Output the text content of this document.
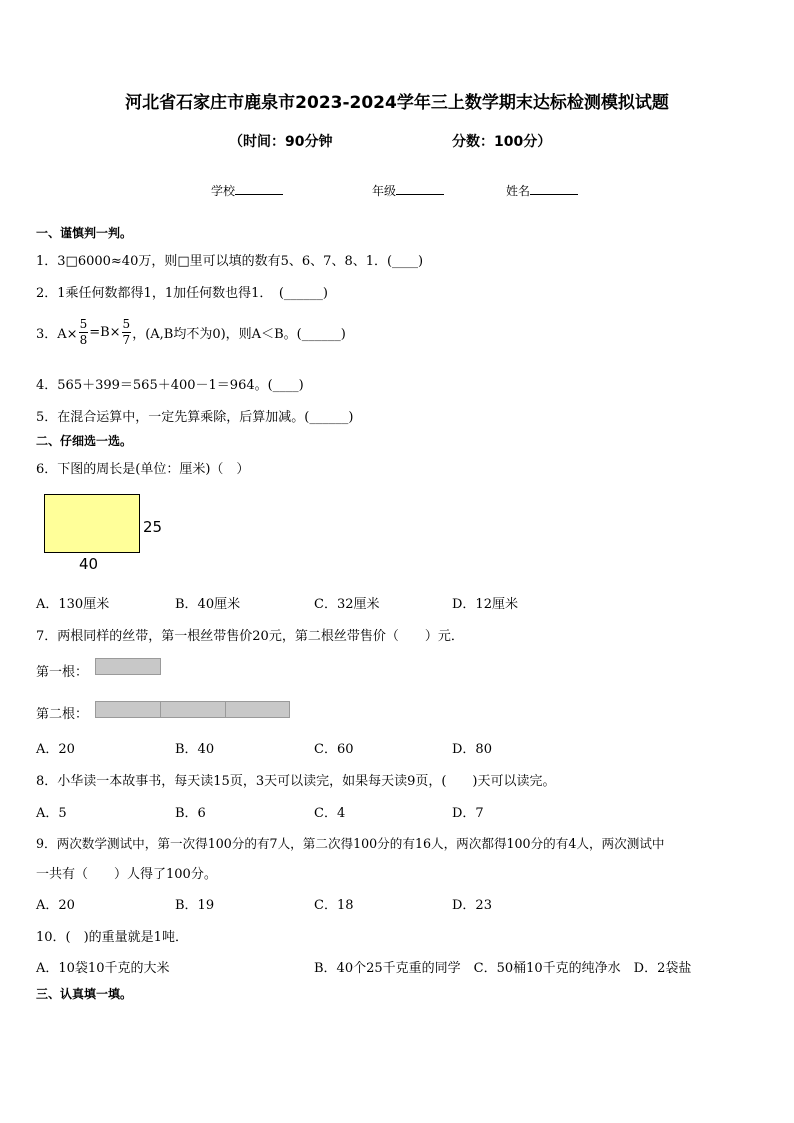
河北省石家庄市鹿泉市2023-2024学年三上数学期末达标检测模拟试题
（时间：90分钟	分数：100分）
学校	年级	姓名
一、谨慎判一判。
1．3□6000≈40万，则□里可以填的数有5、6、7、8、1．(____)
2．1乘任何数都得1，1加任何数也得1．　(______)
3．$A\times \frac{5}{8} =B\times \frac{5}{7}$ ，(A,B均不为0)，则A＜B。(______)
4．565＋399＝565＋400－1＝964。(____)
5．在混合运算中，一定先算乘除，后算加减。(______)
二、仔细选一选。
6．下图的周长是(单位：厘米)（　）
25
40
A．130厘米	B．40厘米	C．32厘米	D．12厘米
7．两根同样的丝带，第一根丝带售价20元，第二根丝带售价（　　）元．
第一根：
第二根：
A．20	B．40	C．60	D．80
8．小华读一本故事书，每天读15页，3天可以读完，如果每天读9页，(　　)天可以读完。
A．5	B．6	C．4	D．7
9．两次数学测试中，第一次得100分的有7人，第二次得100分的有16人，两次都得100分的有4人，两次测试中
一共有（　　）人得了100分。
A．20	B．19	C．18	D．23
10．(　)的重量就是1吨．
A．10袋10千克的大米	B．40个25千克重的同学　C．50桶10千克的纯净水　D．2袋盐
三、认真填一填。
